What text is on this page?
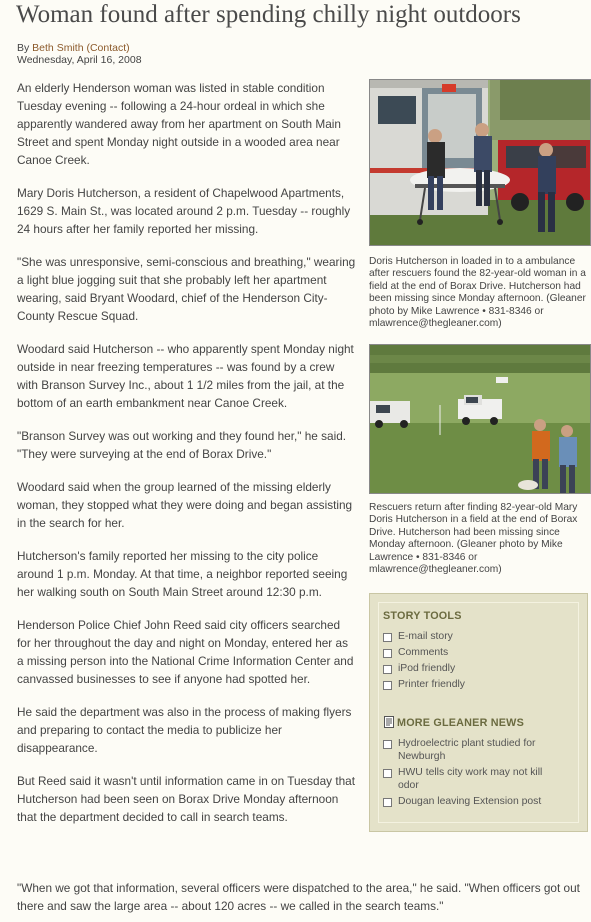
Woman found after spending chilly night outdoors
By Beth Smith (Contact)
Wednesday, April 16, 2008

An elderly Henderson woman was listed in stable condition Tuesday evening -- following a 24-hour ordeal in which she apparently wandered away from her apartment on South Main Street and spent Monday night outside in a wooded area near Canoe Creek.

Mary Doris Hutcherson, a resident of Chapelwood Apartments, 1629 S. Main St., was located around 2 p.m. Tuesday -- roughly 24 hours after her family reported her missing.

"She was unresponsive, semi-conscious and breathing," wearing a light blue jogging suit that she probably left her apartment wearing, said Bryant Woodard, chief of the Henderson City-County Rescue Squad.

Woodard said Hutcherson -- who apparently spent Monday night outside in near freezing temperatures -- was found by a crew with Branson Survey Inc., about 1 1/2 miles from the jail, at the bottom of an earth embankment near Canoe Creek.

"Branson Survey was out working and they found her," he said. "They were surveying at the end of Borax Drive."

Woodard said when the group learned of the missing elderly woman, they stopped what they were doing and began assisting in the search for her.

Hutcherson's family reported her missing to the city police around 1 p.m. Monday. At that time, a neighbor reported seeing her walking south on South Main Street around 12:30 p.m.

Henderson Police Chief John Reed said city officers searched for her throughout the day and night on Monday, entered her as a missing person into the National Crime Information Center and canvassed businesses to see if anyone had spotted her.

He said the department was also in the process of making flyers and preparing to contact the media to publicize her disappearance.

But Reed said it wasn't until information came in on Tuesday that Hutcherson had been seen on Borax Drive Monday afternoon that the department decided to call in search teams.

"When we got that information, several officers were dispatched to the area," he said. "When officers got out there and saw the large area -- about 120 acres -- we called in the search teams."

Doris Hutcherson in loaded in to a ambulance after rescuers found the 82-year-old woman in a field at the end of Borax Drive. Hutcherson had been missing since Monday afternoon. (Gleaner photo by Mike Lawrence • 831-8346 or mlawrence@thegleaner.com)
Rescuers return after finding 82-year-old Mary Doris Hutcherson in a field at the end of Borax Drive. Hutcherson had been missing since Monday afternoon. (Gleaner photo by Mike Lawrence • 831-8346 or mlawrence@thegleaner.com)
STORY TOOLS
E-mail story
Comments
iPod friendly
Printer friendly
MORE GLEANER NEWS
Hydroelectric plant studied for Newburgh
HWU tells city work may not kill odor
Dougan leaving Extension post
